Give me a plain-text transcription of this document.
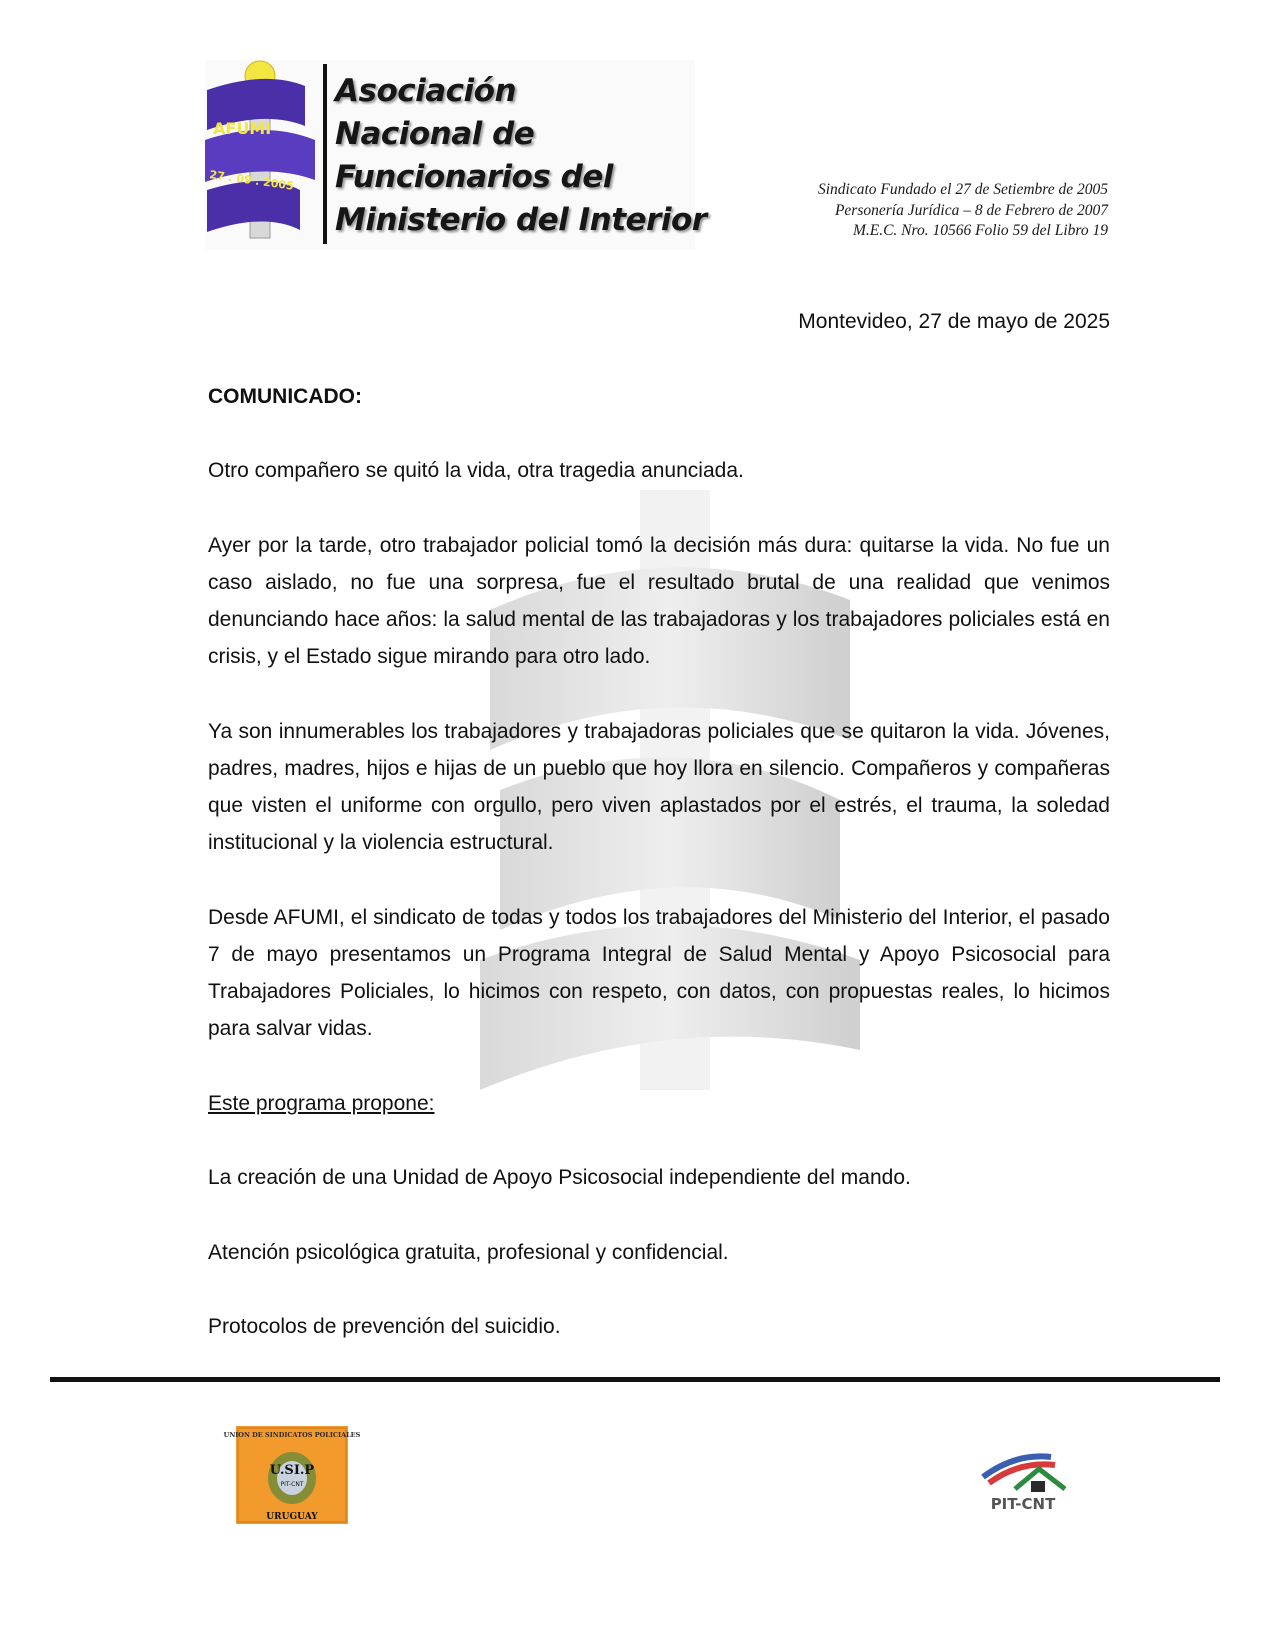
AFUMI
27 . 09 . 2005
Asociación
Nacional de
Funcionarios del
Ministerio del Interior
Sindicato Fundado el 27 de Setiembre de 2005
Personería Jurídica – 8 de Febrero de 2007
M.E.C. Nro. 10566 Folio 59 del Libro 19
Montevideo, 27 de mayo de 2025
COMUNICADO:

Otro compañero se quitó la vida, otra tragedia anunciada.

Ayer por la tarde, otro trabajador policial tomó la decisión más dura: quitarse la vida. No fue un caso aislado, no fue una sorpresa, fue el resultado brutal de una realidad que venimos denunciando hace años: la salud mental de las trabajadoras y los trabajadores policiales está en crisis, y el Estado sigue mirando para otro lado.

Ya son innumerables los trabajadores y trabajadoras policiales que se quitaron la vida. Jóvenes, padres, madres, hijos e hijas de un pueblo que hoy llora en silencio. Compañeros y compañeras que visten el uniforme con orgullo, pero viven aplastados por el estrés, el trauma, la soledad institucional y la violencia estructural.

Desde AFUMI, el sindicato de todas y todos los trabajadores del Ministerio del Interior, el pasado 7 de mayo presentamos un Programa Integral de Salud Mental y Apoyo Psicosocial para Trabajadores Policiales, lo hicimos con respeto, con datos, con propuestas reales, lo hicimos para salvar vidas.

Este programa propone:

La creación de una Unidad de Apoyo Psicosocial independiente del mando.

Atención psicológica gratuita, profesional y confidencial.

Protocolos de prevención del suicidio.

UNION DE SINDICATOS POLICIALES
U.SI.P
PIT-CNT
URUGUAY
PIT-CNT
